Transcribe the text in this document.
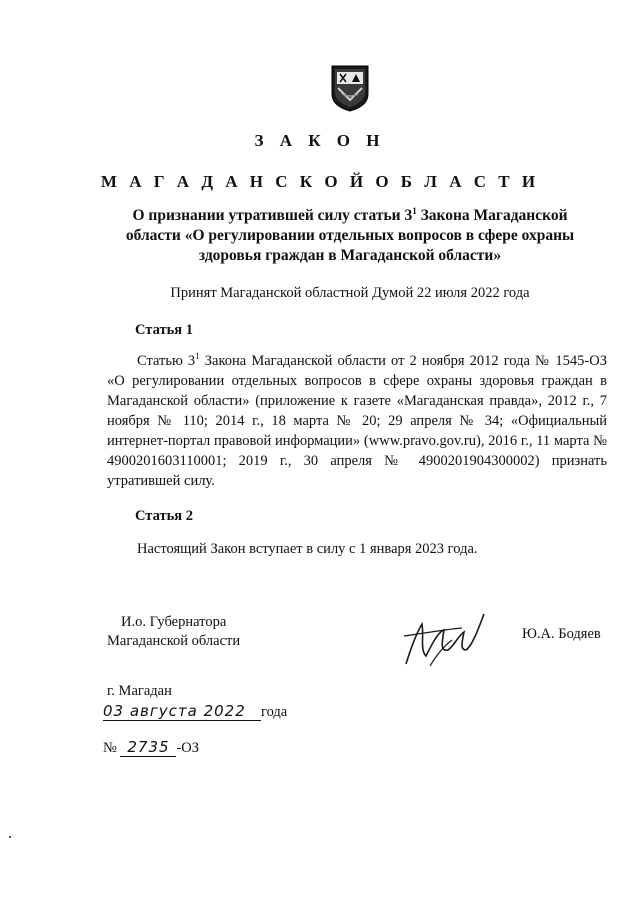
З А К О Н
М А Г А Д А Н С К О Й О Б Л А С Т И
О признании утратившей силу статьи $3^1$ Закона Магаданской
области «О регулировании отдельных вопросов в сфере охраны
здоровья граждан в Магаданской области»
Принят Магаданской областной Думой 22 июля 2022 года
Статья 1
Статью $3^1$ Закона Магаданской области от 2 ноября 2012 года № 1545-ОЗ «О регулировании отдельных вопросов в сфере охраны здоровья граждан в Магаданской области» (приложение к газете «Магаданская правда», 2012 г., 7 ноября № 110; 2014 г., 18 марта № 20; 29 апреля № 34; «Официальный интернет-портал правовой информации» (www.pravo.gov.ru), 2016 г., 11 марта № 4900201603110001; 2019 г., 30 апреля № 4900201904300002) признать утратившей силу.
Статья 2
Настоящий Закон вступает в силу с 1 января 2023 года.
И.о. Губернатора
Магаданской области	Ю.А. Бодяев
г. Магадан
03 августа 2022 года
№ 2735 -ОЗ
